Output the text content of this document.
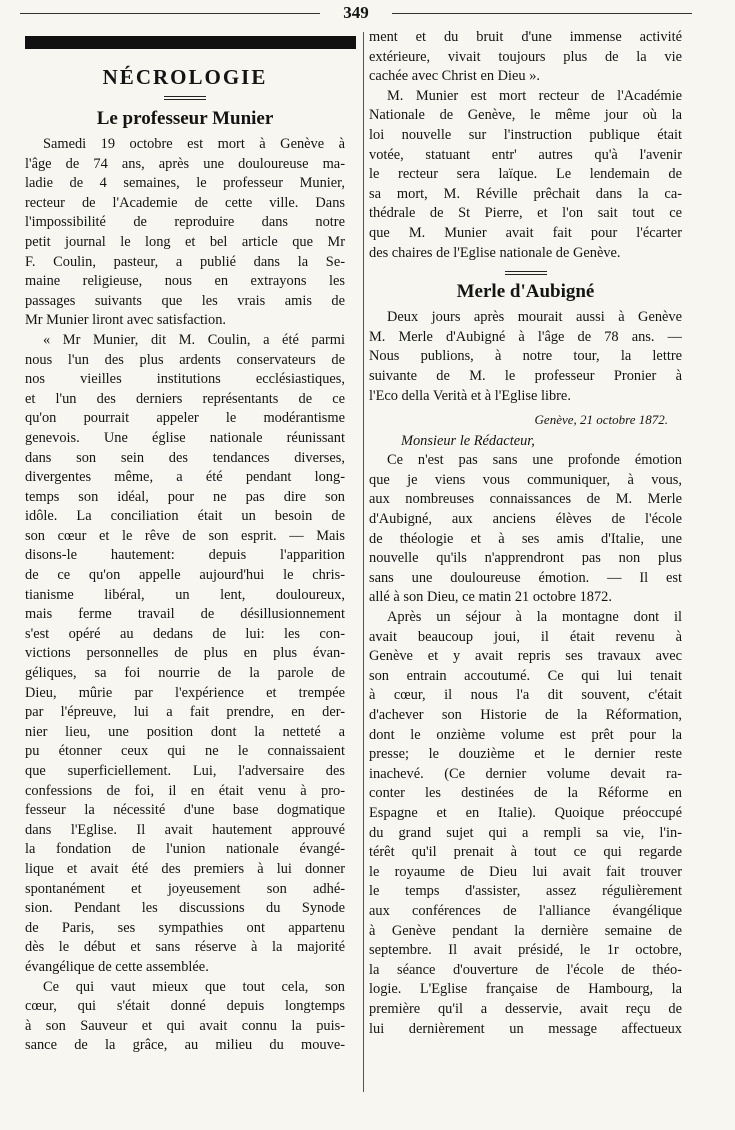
349
NÉCROLOGIE
Le professeur Munier
Samedi 19 octobre est mort à Genève à
l'âge de 74 ans, après une douloureuse ma-
ladie de 4 semaines, le professeur Munier,
recteur de l'Academie de cette ville. Dans
l'impossibilité de reproduire dans notre
petit journal le long et bel article que Mr
F. Coulin, pasteur, a publié dans la Se-
maine religieuse, nous en extrayons les
passages suivants que les vrais amis de
Mr Munier liront avec satisfaction.
« Mr Munier, dit M. Coulin, a été parmi
nous l'un des plus ardents conservateurs de
nos vieilles institutions ecclésiastiques,
et l'un des derniers représentants de ce
qu'on pourrait appeler le modérantisme
genevois. Une église nationale réunissant
dans son sein des tendances diverses,
divergentes même, a été pendant long-
temps son idéal, pour ne pas dire son
idôle. La conciliation était un besoin de
son cœur et le rêve de son esprit. — Mais
disons-le hautement: depuis l'apparition
de ce qu'on appelle aujourd'hui le chris-
tianisme libéral, un lent, douloureux,
mais ferme travail de désillusionnement
s'est opéré au dedans de lui: les con-
victions personnelles de plus en plus évan-
géliques, sa foi nourrie de la parole de
Dieu, mûrie par l'expérience et trempée
par l'épreuve, lui a fait prendre, en der-
nier lieu, une position dont la netteté a
pu étonner ceux qui ne le connaissaient
que superficiellement. Lui, l'adversaire des
confessions de foi, il en était venu à pro-
fesseur la nécessité d'une base dogmatique
dans l'Eglise. Il avait hautement approuvé
la fondation de l'union nationale évangé-
lique et avait été des premiers à lui donner
spontanément et joyeusement son adhé-
sion. Pendant les discussions du Synode
de Paris, ses sympathies ont appartenu
dès le début et sans réserve à la majorité
évangélique de cette assemblée.
Ce qui vaut mieux que tout cela, son
cœur, qui s'était donné depuis longtemps
à son Sauveur et qui avait connu la puis-
sance de la grâce, au milieu du mouve-
ment et du bruit d'une immense activité
extérieure, vivait toujours plus de la vie
cachée avec Christ en Dieu ».
M. Munier est mort recteur de l'Académie
Nationale de Genève, le même jour où la
loi nouvelle sur l'instruction publique était
votée, statuant entr' autres qu'à l'avenir
le recteur sera laïque. Le lendemain de
sa mort, M. Réville prêchait dans la ca-
thédrale de St Pierre, et l'on sait tout ce
que M. Munier avait fait pour l'écarter
des chaires de l'Eglise nationale de Genève.
Merle d'Aubigné
Deux jours après mourait aussi à Genève
M. Merle d'Aubigné à l'âge de 78 ans. —
Nous publions, à notre tour, la lettre
suivante de M. le professeur Pronier à
l'Eco della Verità et à l'Eglise libre.
Genève, 21 octobre 1872.
Monsieur le Rédacteur,
Ce n'est pas sans une profonde émotion
que je viens vous communiquer, à vous,
aux nombreuses connaissances de M. Merle
d'Aubigné, aux anciens élèves de l'école
de théologie et à ses amis d'Italie, une
nouvelle qu'ils n'apprendront pas non plus
sans une douloureuse émotion. — Il est
allé à son Dieu, ce matin 21 octobre 1872.
Après un séjour à la montagne dont il
avait beaucoup joui, il était revenu à
Genève et y avait repris ses travaux avec
son entrain accoutumé. Ce qui lui tenait
à cœur, il nous l'a dit souvent, c'était
d'achever son Historie de la Réformation,
dont le onzième volume est prêt pour la
presse; le douzième et le dernier reste
inachevé. (Ce dernier volume devait ra-
conter les destinées de la Réforme en
Espagne et en Italie). Quoique préoccupé
du grand sujet qui a rempli sa vie, l'in-
térêt qu'il prenait à tout ce qui regarde
le royaume de Dieu lui avait fait trouver
le temps d'assister, assez régulièrement
aux conférences de l'alliance évangélique
à Genève pendant la dernière semaine de
septembre. Il avait présidé, le 1r octobre,
la séance d'ouverture de l'école de théo-
logie. L'Eglise française de Hambourg, la
première qu'il a desservie, avait reçu de
lui dernièrement un message affectueux
